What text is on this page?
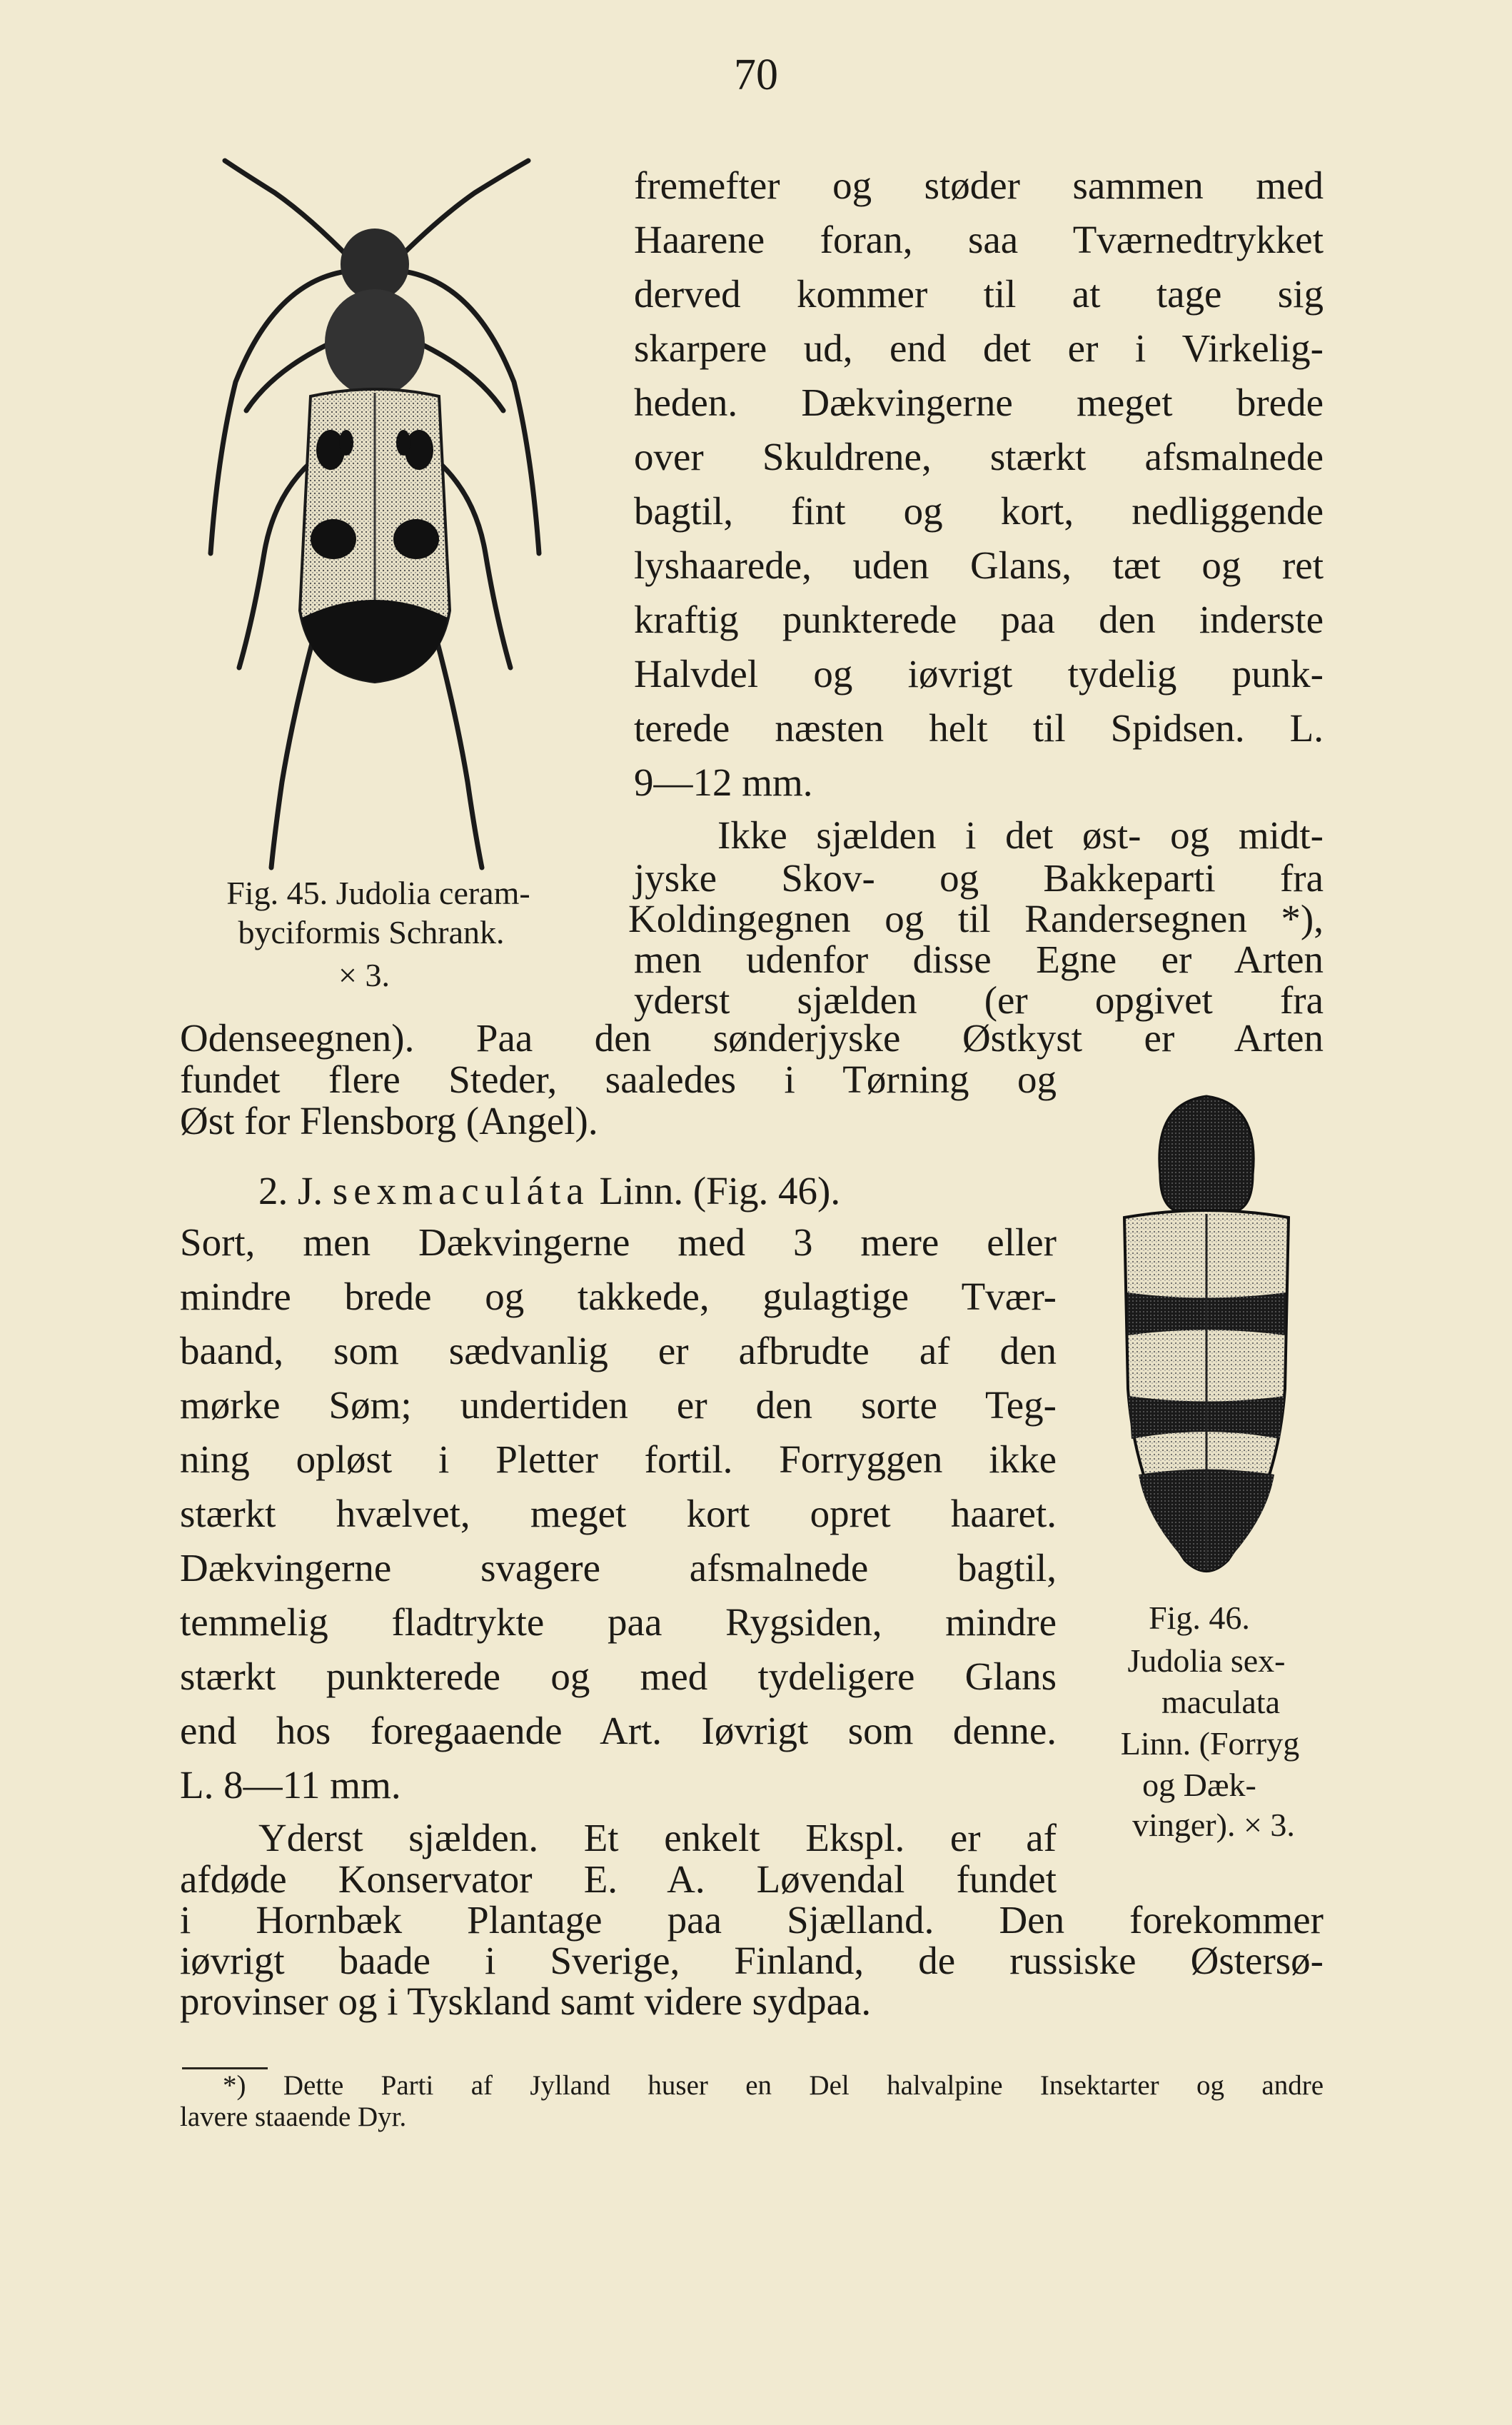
70
Fig. 45. Judolia ceram-
byciformis Schrank.
× 3.
fremefter og støder sammen med
Haarene foran, saa Tværnedtrykket
derved kommer til at tage sig
skarpere ud, end det er i Virkelig-
heden. Dækvingerne meget brede
over Skuldrene, stærkt afsmalnede
bagtil, fint og kort, nedliggende
lyshaarede, uden Glans, tæt og ret
kraftig punkterede paa den inderste
Halvdel og iøvrigt tydelig punk-
terede næsten helt til Spidsen. L.
9—12 mm.
Ikke sjælden i det øst- og midt-
jyske Skov- og Bakkeparti fra
Koldingegnen og til Randersegnen *),
men udenfor disse Egne er Arten
yderst sjælden (er opgivet fra
Odenseegnen). Paa den sønderjyske Østkyst er Arten
fundet flere Steder, saaledes i Tørning og
Øst for Flensborg (Angel).
2. J. sexmaculáta Linn. (Fig. 46).
Sort, men Dækvingerne med 3 mere eller
mindre brede og takkede, gulagtige Tvær-
baand, som sædvanlig er afbrudte af den
mørke Søm; undertiden er den sorte Teg-
ning opløst i Pletter fortil. Forryggen ikke
stærkt hvælvet, meget kort opret haaret.
Dækvingerne svagere afsmalnede bagtil,
temmelig fladtrykte paa Rygsiden, mindre
stærkt punkterede og med tydeligere Glans
end hos foregaaende Art. Iøvrigt som denne.
L. 8—11 mm.
Yderst sjælden. Et enkelt Ekspl. er af
afdøde Konservator E. A. Løvendal fundet
i Hornbæk Plantage paa Sjælland. Den forekommer
iøvrigt baade i Sverige, Finland, de russiske Østersø-
provinser og i Tyskland samt videre sydpaa.
Fig. 46.
Judolia sex-
maculata
Linn. (Forryg
og Dæk-
vinger). × 3.
*) Dette Parti af Jylland huser en Del halvalpine Insektarter og andre
lavere staaende Dyr.
